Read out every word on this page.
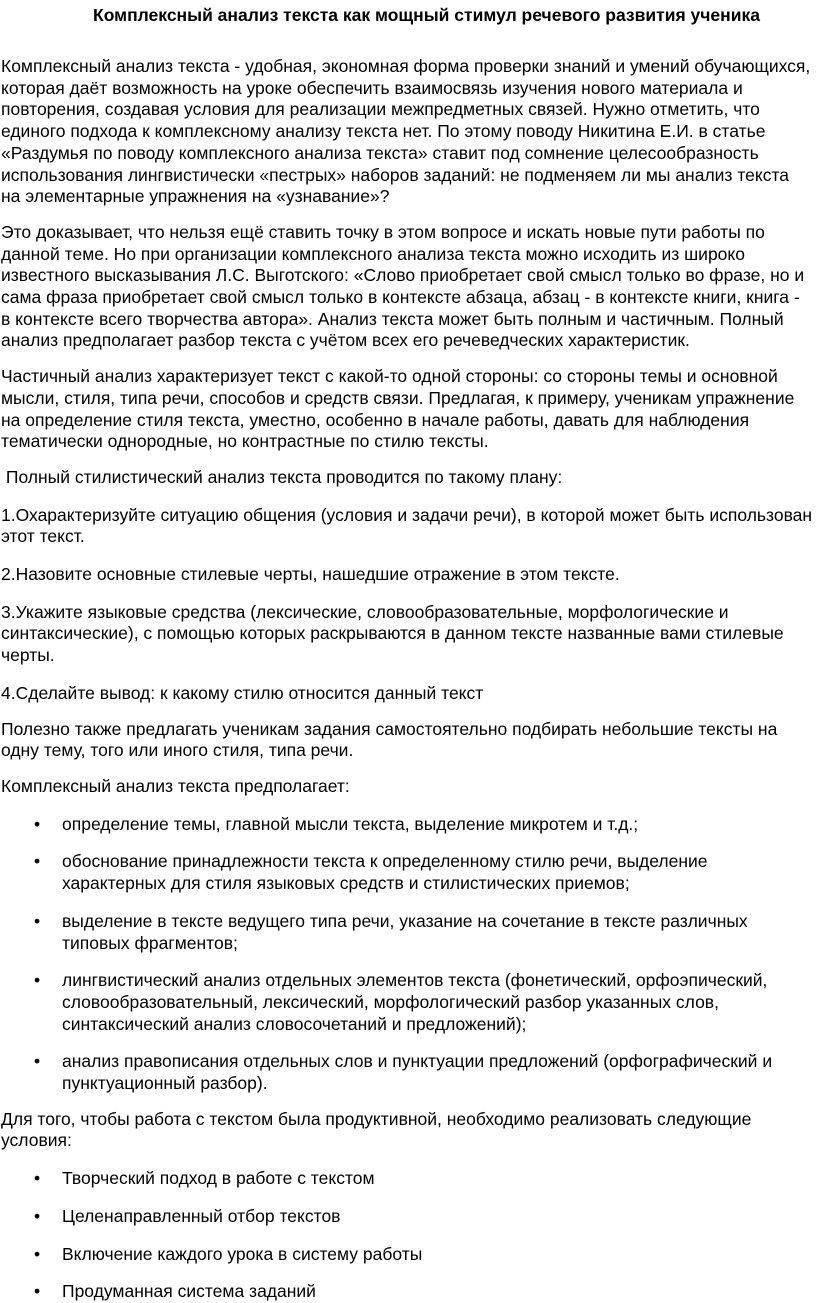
Комплексный анализ текста как мощный стимул речевого развития ученика

Комплексный анализ текста - удобная, экономная форма проверки знаний и умений обучающихся, которая даёт возможность на уроке обеспечить взаимосвязь изучения нового материала и повторения, создавая условия для реализации межпредметных связей. Нужно отметить, что единого подхода к комплексному анализу текста нет. По этому поводу Никитина Е.И. в статье «Раздумья по поводу комплексного анализа текста» ставит под сомнение целесообразность использования лингвистически «пестрых» наборов заданий: не подменяем ли мы анализ текста на элементарные упражнения на «узнавание»?

Это доказывает, что нельзя ещё ставить точку в этом вопросе и искать новые пути работы по данной теме. Но при организации комплексного анализа текста можно исходить из широко известного высказывания Л.С. Выготского: «Слово приобретает свой смысл только во фразе, но и сама фраза приобретает свой смысл только в контексте абзаца, абзац - в контексте книги, книга - в контексте всего творчества автора». Анализ текста может быть полным и частичным. Полный анализ предполагает разбор текста с учётом всех его речеведческих характеристик.

Частичный анализ характеризует текст с какой-то одной стороны: со стороны темы и основной мысли, стиля, типа речи, способов и средств связи. Предлагая, к примеру, ученикам упражнение на определение стиля текста, уместно, особенно в начале работы, давать для наблюдения тематически однородные, но контрастные по стилю тексты.

Полный стилистический анализ текста проводится по такому плану:

1.Охарактеризуйте ситуацию общения (условия и задачи речи), в которой может быть использован этот текст.

2.Назовите основные стилевые черты, нашедшие отражение в этом тексте.

3.Укажите языковые средства (лексические, словообразовательные, морфологические и синтаксические), с помощью которых раскрываются в данном тексте названные вами стилевые черты.

4.Сделайте вывод: к какому стилю относится данный текст

Полезно также предлагать ученикам задания самостоятельно подбирать небольшие тексты на одну тему, того или иного стиля, типа речи.

Комплексный анализ текста предполагает:

• определение темы, главной мысли текста, выделение микротем и т.д.;
• обоснование принадлежности текста к определенному стилю речи, выделение характерных для стиля языковых средств и стилистических приемов;
• выделение в тексте ведущего типа речи, указание на сочетание в тексте различных типовых фрагментов;
• лингвистический анализ отдельных элементов текста (фонетический, орфоэпический, словообразовательный, лексический, морфологический разбор указанных слов, синтаксический анализ словосочетаний и предложений);
• анализ правописания отдельных слов и пунктуации предложений (орфографический и пунктуационный разбор).

Для того, чтобы работа с текстом была продуктивной, необходимо реализовать следующие условия:

• Творческий подход в работе с текстом
• Целенаправленный отбор текстов
• Включение каждого урока в систему работы
• Продуманная система заданий
